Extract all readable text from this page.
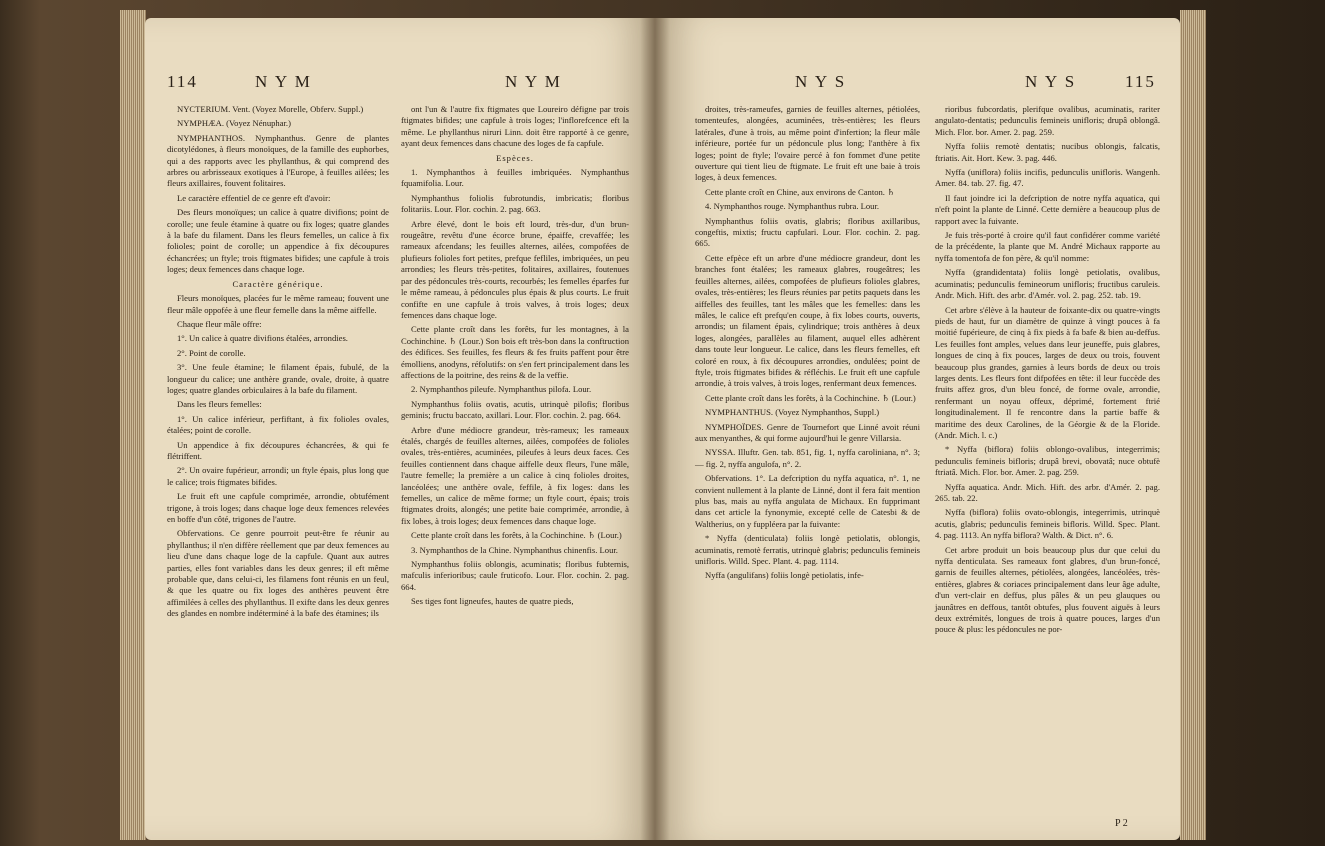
114	N Y M	N Y M

NYCTERIUM. Vent. (Voyez Morelle, Obferv. Suppl.)

NYMPHÆA. (Voyez Nénuphar.)

NYMPHANTHOS. Nymphanthus. Genre de plantes dicotylédones, à fleurs monoïques, de la famille des euphorbes, qui a des rapports avec les phyllanthus, & qui comprend des arbres ou arbrisseaux exotiques à l'Europe, à feuilles ailées; les fleurs axillaires, fouvent folitaires.

Le caractère effentiel de ce genre eft d'avoir:

Des fleurs monoïques; un calice à quatre divifions; point de corolle; une feule étamine à quatre ou fix loges; quatre glandes à la bafe du filament. Dans les fleurs femelles, un calice à fix folioles; point de corolle; un appendice à fix découpures échancrées; un ftyle; trois ftigmates bifides; une capfule à trois loges; deux femences dans chaque loge.

Caractère générique.

Fleurs monoïques, placées fur le même rameau; fouvent une fleur mâle oppofée à une fleur femelle dans la même aiffelle.

Chaque fleur mâle offre:

1°. Un calice à quatre divifions étalées, arrondies.

2°. Point de corolle.

3°. Une feule étamine; le filament épais, fubulé, de la longueur du calice; une anthère grande, ovale, droite, à quatre loges; quatre glandes orbiculaires à la bafe du filament.

Dans les fleurs femelles:

1°. Un calice inférieur, perfiftant, à fix folioles ovales, étalées; point de corolle.

Un appendice à fix découpures échancrées, & qui fe flétriffent.

2°. Un ovaire fupérieur, arrondi; un ftyle épais, plus long que le calice; trois ftigmates bifides.

Le fruit eft une capfule comprimée, arrondie, obtufément trigone, à trois loges; dans chaque loge deux femences relevées en boffe d'un côté, trigones de l'autre.

Obfervations. Ce genre pourroit peut-être fe réunir au phyllanthus; il n'en diffère réellement que par deux femences au lieu d'une dans chaque loge de la capfule. Quant aux autres parties, elles font variables dans les deux genres; il eft même probable que, dans celui-ci, les filamens font réunis en un feul, & que les quatre ou fix loges des anthères peuvent être affimilées à celles des phyllanthus. Il exifte dans les deux genres des glandes en nombre indéterminé à la bafe des étamines; ils

ont l'un & l'autre fix ftigmates que Loureiro défigne par trois ftigmates bifides; une capfule à trois loges; l'inflorefcence eft la même. Le phyllanthus niruri Linn. doit être rapporté à ce genre, ayant deux femences dans chacune des loges de fa capfule.

Espèces.

1. Nymphanthos à feuilles imbriquées. Nymphanthus fquamifolia. Lour.

Nymphanthus foliolis fubrotundis, imbricatis; floribus folitariis. Lour. Flor. cochin. 2. pag. 663.

Arbre élevé, dont le bois eft lourd, très-dur, d'un brun-rougeâtre, revêtu d'une écorce brune, épaiffe, crevaffée; les rameaux afcendans; les feuilles alternes, ailées, compofées de plufieurs folioles fort petites, prefque fefliles, imbriquées, un peu arrondies; les fleurs très-petites, folitaires, axillaires, foutenues par des pédoncules très-courts, recourbés; les femelles éparfes fur le même rameau, à pédoncules plus épais & plus courts. Le fruit confifte en une capfule à trois valves, à trois loges; deux femences dans chaque loge.

Cette plante croît dans les forêts, fur les montagnes, à la Cochinchine. ♄ (Lour.) Son bois eft très-bon dans la conftruction des édifices. Ses feuilles, fes fleurs & fes fruits paffent pour être émolliens, anodyns, réfolutifs: on s'en fert principalement dans les affections de la poitrine, des reins & de la veffie.

2. Nymphanthos pileufe. Nymphanthus pilofa. Lour.

Nymphanthus foliis ovatis, acutis, utrinquè pilofis; floribus geminis; fructu baccato, axillari. Lour. Flor. cochin. 2. pag. 664.

Arbre d'une médiocre grandeur, très-rameux; les rameaux étalés, chargés de feuilles alternes, ailées, compofées de folioles ovales, très-entières, acuminées, pileufes à leurs deux faces. Ces feuilles contiennent dans chaque aiffelle deux fleurs, l'une mâle, l'autre femelle; la première a un calice à cinq folioles droites, lancéolées; une anthère ovale, feffile, à fix loges: dans les femelles, un calice de même forme; un ftyle court, épais; trois ftigmates droits, alongés; une petite baie comprimée, arrondie, à fix lobes, à trois loges; deux femences dans chaque loge.

Cette plante croît dans les forêts, à la Cochinchine. ♄ (Lour.)

3. Nymphanthos de la Chine. Nymphanthus chinenfis. Lour.

Nymphanthus foliis oblongis, acuminatis; floribus fubternis, mafculis inferioribus; caule fruticofo. Lour. Flor. cochin. 2. pag. 664.

Ses tiges font ligneufes, hautes de quatre pieds,

N Y S	N Y S	115

droites, très-rameufes, garnies de feuilles alternes, pétiolées, tomenteufes, alongées, acuminées, très-entières; les fleurs latérales, d'une à trois, au même point d'infertion; la fleur mâle inférieure, portée fur un pédoncule plus long; l'anthère à fix loges; point de ftyle; l'ovaire percé à fon fommet d'une petite ouverture qui tient lieu de ftigmate. Le fruit eft une baie à trois loges, à deux femences.

Cette plante croît en Chine, aux environs de Canton. ♄

4. Nymphanthos rouge. Nymphanthus rubra. Lour.

Nymphanthus foliis ovatis, glabris; floribus axillaribus, congeftis, mixtis; fructu capfulari. Lour. Flor. cochin. 2. pag. 665.

Cette efpèce eft un arbre d'une médiocre grandeur, dont les branches font étalées; les rameaux glabres, rougeâtres; les feuilles alternes, ailées, compofées de plufieurs folioles glabres, ovales, très-entières; les fleurs réunies par petits paquets dans les aiffelles des feuilles, tant les mâles que les femelles: dans les mâles, le calice eft prefqu'en coupe, à fix lobes courts, ouverts, arrondis; un filament épais, cylindrique; trois anthères à deux loges, alongées, parallèles au filament, auquel elles adhèrent dans toute leur longueur. Le calice, dans les fleurs femelles, eft coloré en roux, à fix découpures arrondies, ondulées; point de ftyle, trois ftigmates bifides & réfléchis. Le fruit eft une capfule arrondie, à trois valves, à trois loges, renfermant deux femences.

Cette plante croît dans les forêts, à la Cochinchine. ♄ (Lour.)

NYMPHANTHUS. (Voyez Nymphanthos, Suppl.)

NYMPHOÏDES. Genre de Tournefort que Linné avoit réuni aux menyanthes, & qui forme aujourd'hui le genre Villarsia.

NYSSA. Illuftr. Gen. tab. 851, fig. 1, nyffa caroliniana, n°. 3; — fig. 2, nyffa angulofa, n°. 2.

Obfervations. 1°. La defcription du nyffa aquatica, n°. 1, ne convient nullement à la plante de Linné, dont il fera fait mention plus bas, mais au nyffa angulata de Michaux. En fupprimant dans cet article la fynonymie, excepté celle de Catesbi & de Waltherius, on y fuppléera par la fuivante:

* Nyffa (denticulata) foliis longè petiolatis, oblongis, acuminatis, remotè ferratis, utrinquè glabris; pedunculis femineis unifloris. Willd. Spec. Plant. 4. pag. 1114.

Nyffa (angulifans) foliis longè petiolatis, infe-

rioribus fubcordatis, plerifque ovalibus, acuminatis, rariter angulato-dentatis; pedunculis femineis unifloris; drupâ oblongâ. Mich. Flor. bor. Amer. 2. pag. 259.

Nyffa foliis remotè dentatis; nucibus oblongis, falcatis, ftriatis. Ait. Hort. Kew. 3. pag. 446.

Nyffa (uniflora) foliis incifis, pedunculis unifloris. Wangenh. Amer. 84. tab. 27. fig. 47.

Il faut joindre ici la defcription de notre nyffa aquatica, qui n'eft point la plante de Linné. Cette dernière a beaucoup plus de rapport avec la fuivante.

Je fuis très-porté à croire qu'il faut confidérer comme variété de la précédente, la plante que M. André Michaux rapporte au nyffa tomentofa de fon père, & qu'il nomme:

Nyffa (grandidentata) foliis longè petiolatis, ovalibus, acuminatis; pedunculis femineorum unifloris; fructibus caruleis. Andr. Mich. Hift. des arbr. d'Amér. vol. 2. pag. 252. tab. 19.

Cet arbre s'élève à la hauteur de foixante-dix ou quatre-vingts pieds de haut, fur un diamètre de quinze à vingt pouces à fa moitié fupérieure, de cinq à fix pieds à fa bafe & bien au-deffus. Les feuilles font amples, velues dans leur jeuneffe, puis glabres, longues de cinq à fix pouces, larges de deux ou trois, fouvent beaucoup plus grandes, garnies à leurs bords de deux ou trois larges dents. Les fleurs font difpofées en tête: il leur fuccède des fruits affez gros, d'un bleu foncé, de forme ovale, arrondie, renfermant un noyau offeux, déprimé, fortement ftrié longitudinalement. Il fe rencontre dans la partie baffe & maritime des deux Carolines, de la Géorgie & de la Floride. (Andr. Mich. l. c.)

* Nyffa (biflora) foliis oblongo-ovalibus, integerrimis; pedunculis femineis bifloris; drupâ brevi, obovatâ; nuce obtufè ftriatâ. Mich. Flor. bor. Amer. 2. pag. 259.

Nyffa aquatica. Andr. Mich. Hift. des arbr. d'Amér. 2. pag. 265. tab. 22.

Nyffa (biflora) foliis ovato-oblongis, integerrimis, utrinquè acutis, glabris; pedunculis femineis bifloris. Willd. Spec. Plant. 4. pag. 1113. An nyffa biflora? Walth. & Dict. n°. 6.

Cet arbre produit un bois beaucoup plus dur que celui du nyffa denticulata. Ses rameaux font glabres, d'un brun-foncé, garnis de feuilles alternes, pétiolées, alongées, lancéolées, très-entières, glabres & coriaces principalement dans leur âge adulte, d'un vert-clair en deffus, plus pâles & un peu glauques ou jaunâtres en deffous, tantôt obtufes, plus fouvent aiguës à leurs deux extrémités, longues de trois à quatre pouces, larges d'un pouce & plus: les pédoncules ne por-

P 2
